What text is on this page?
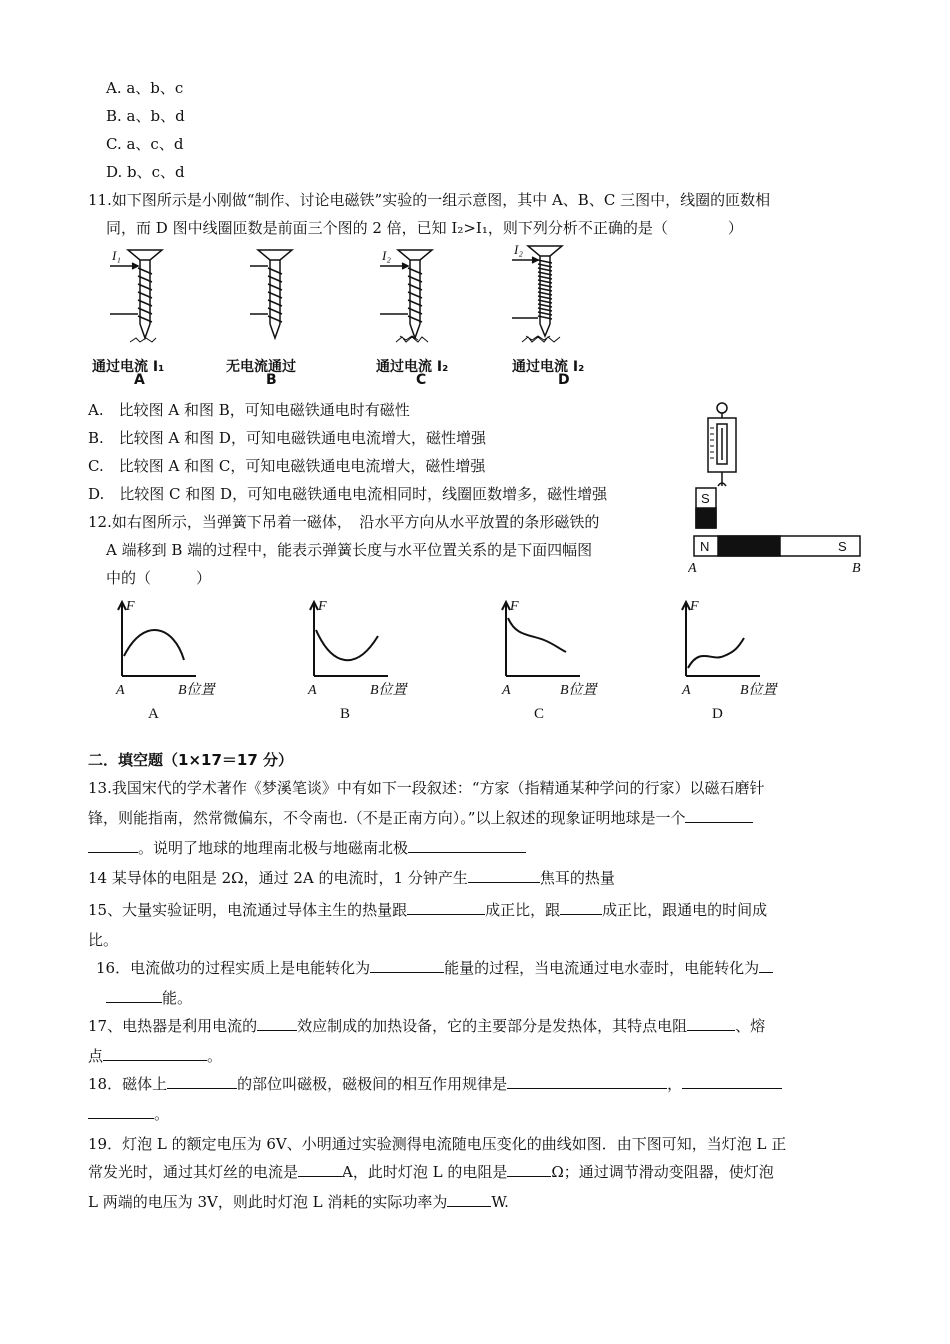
A. a、b、c
B. a、b、d
C. a、c、d
D. b、c、d
11.如下图所示是小刚做“制作、讨论电磁铁”实验的一组示意图，其中 A、B、C 三图中，线圈的匝数相
同，而 D 图中线圈匝数是前面三个图的 2 倍，已知 I₂>I₁，则下列分析不正确的是（　　　　）
I₁	I₂	I₂
通过电流 I₁
A
无电流通过
B
通过电流 I₂
C
通过电流 I₂
D
A.　比较图 A 和图 B，可知电磁铁通电时有磁性
B.　比较图 A 和图 D，可知电磁铁通电电流增大，磁性增强
C.　比较图 A 和图 C，可知电磁铁通电电流增大，磁性增强
D.　比较图 C 和图 D，可知电磁铁通电电流相同时，线圈匝数增多，磁性增强	S
N	S
A	B
12.如右图所示，当弹簧下吊着一磁体，　沿水平方向从水平放置的条形磁铁的
A 端移到 B 端的过程中，能表示弹簧长度与水平位置关系的是下面四幅图
中的（　　　）
F
A	B位置
F
A	B位置
F
A	B位置
F
A	B位置
A	B	C	D
二．填空题（1×17＝17 分）
13.我国宋代的学术著作《梦溪笔谈》中有如下一段叙述：“方家（指精通某种学问的行家）以磁石磨针
锋，则能指南，然常微偏东，不令南也.（不是正南方向）。”以上叙述的现象证明地球是一个
。说明了地球的地理南北极与地磁南北极
14 某导体的电阻是 2Ω，通过 2A 的电流时，1 分钟产生	焦耳的热量
15、大量实验证明，电流通过导体主生的热量跟	成正比，跟	成正比，跟通电的时间成
比。
16．电流做功的过程实质上是电能转化为	能量的过程，当电流通过电水壶时，电能转化为
能。
17、电热器是利用电流的	效应制成的加热设备，它的主要部分是发热体，其特点电阻	、熔
点	。
18．磁体上	的部位叫磁极，磁极间的相互作用规律是	，
。
19．灯泡 L 的额定电压为 6V、小明通过实验测得电流随电压变化的曲线如图．由下图可知，当灯泡 L 正
常发光时，通过其灯丝的电流是	A，此时灯泡 L 的电阻是	Ω；通过调节滑动变阻器，使灯泡
L 两端的电压为 3V，则此时灯泡 L 消耗的实际功率为	W.
